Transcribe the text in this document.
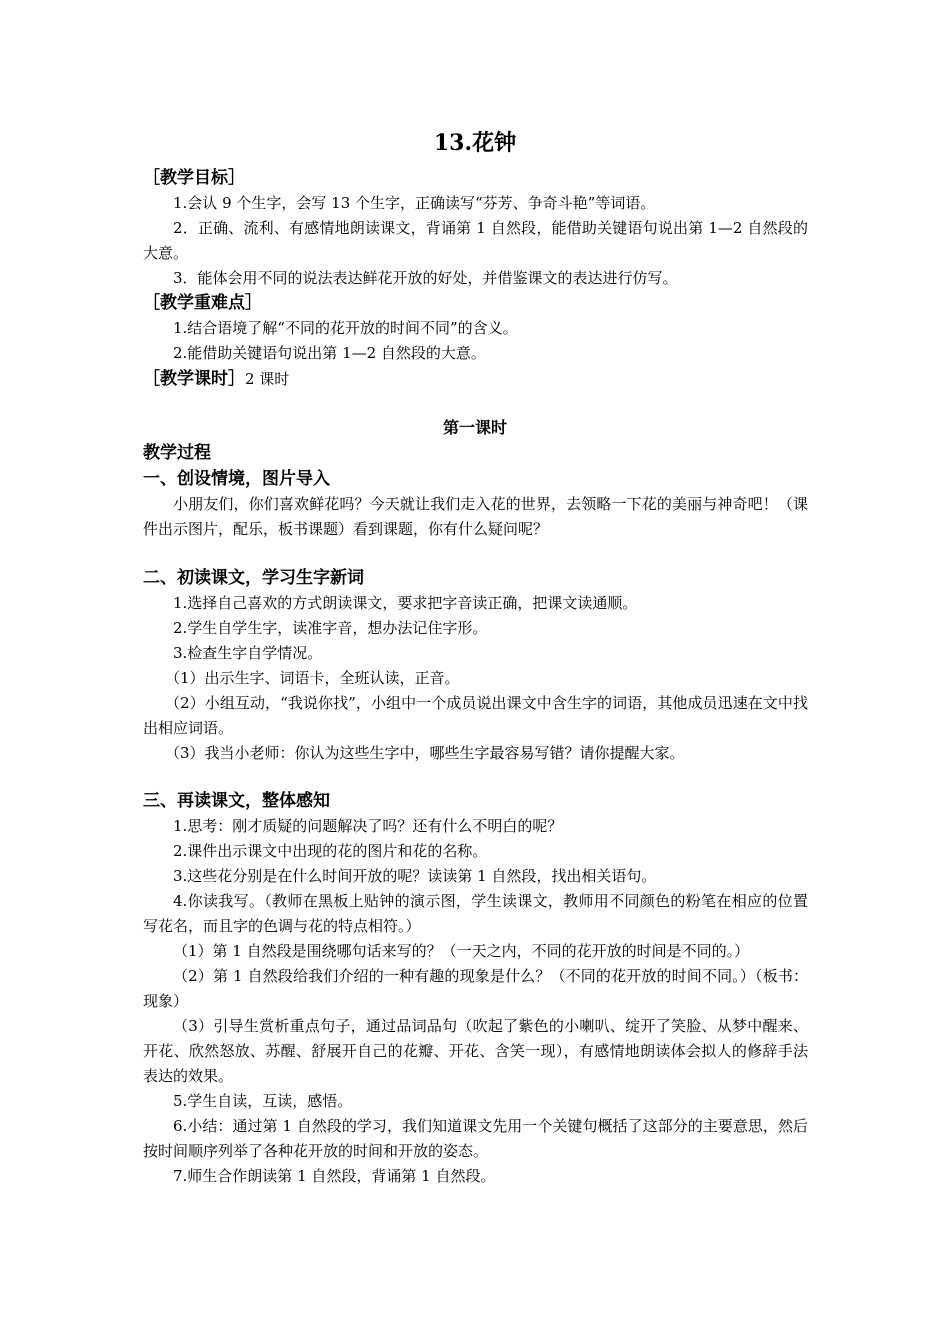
13.花钟
［教学目标］
1.会认 9 个生字，会写 13 个生字，正确读写“芬芳、争奇斗艳”等词语。
2．正确、流利、有感情地朗读课文，背诵第 1 自然段，能借助关键语句说出第 1—2 自然段的大意。
3．能体会用不同的说法表达鲜花开放的好处，并借鉴课文的表达进行仿写。
［教学重难点］
1.结合语境了解“不同的花开放的时间不同”的含义。
2.能借助关键语句说出第 1—2 自然段的大意。
［教学课时］2 课时
第一课时
教学过程
一、创设情境，图片导入
小朋友们，你们喜欢鲜花吗？今天就让我们走入花的世界，去领略一下花的美丽与神奇吧！（课件出示图片，配乐，板书课题）看到课题，你有什么疑问呢？
二、初读课文，学习生字新词
1.选择自己喜欢的方式朗读课文，要求把字音读正确，把课文读通顺。
2.学生自学生字，读准字音，想办法记住字形。
3.检查生字自学情况。
（1）出示生字、词语卡，全班认读，正音。
（2）小组互动，“我说你找”，小组中一个成员说出课文中含生字的词语，其他成员迅速在文中找出相应词语。
（3）我当小老师：你认为这些生字中，哪些生字最容易写错？请你提醒大家。
三、再读课文，整体感知
1.思考：刚才质疑的问题解决了吗？还有什么不明白的呢？
2.课件出示课文中出现的花的图片和花的名称。
3.这些花分别是在什么时间开放的呢？读读第 1 自然段，找出相关语句。
4.你读我写。（教师在黑板上贴钟的演示图，学生读课文，教师用不同颜色的粉笔在相应的位置写花名，而且字的色调与花的特点相符。）
（1）第 1 自然段是围绕哪句话来写的？（一天之内，不同的花开放的时间是不同的。）
（2）第 1 自然段给我们介绍的一种有趣的现象是什么？（不同的花开放的时间不同。）（板书：现象）
（3）引导生赏析重点句子，通过品词品句（吹起了紫色的小喇叭、绽开了笑脸、从梦中醒来、开花、欣然怒放、苏醒、舒展开自己的花瓣、开花、含笑一现），有感情地朗读体会拟人的修辞手法表达的效果。
5.学生自读，互读，感悟。
6.小结：通过第 1 自然段的学习，我们知道课文先用一个关键句概括了这部分的主要意思，然后按时间顺序列举了各种花开放的时间和开放的姿态。
7.师生合作朗读第 1 自然段，背诵第 1 自然段。
